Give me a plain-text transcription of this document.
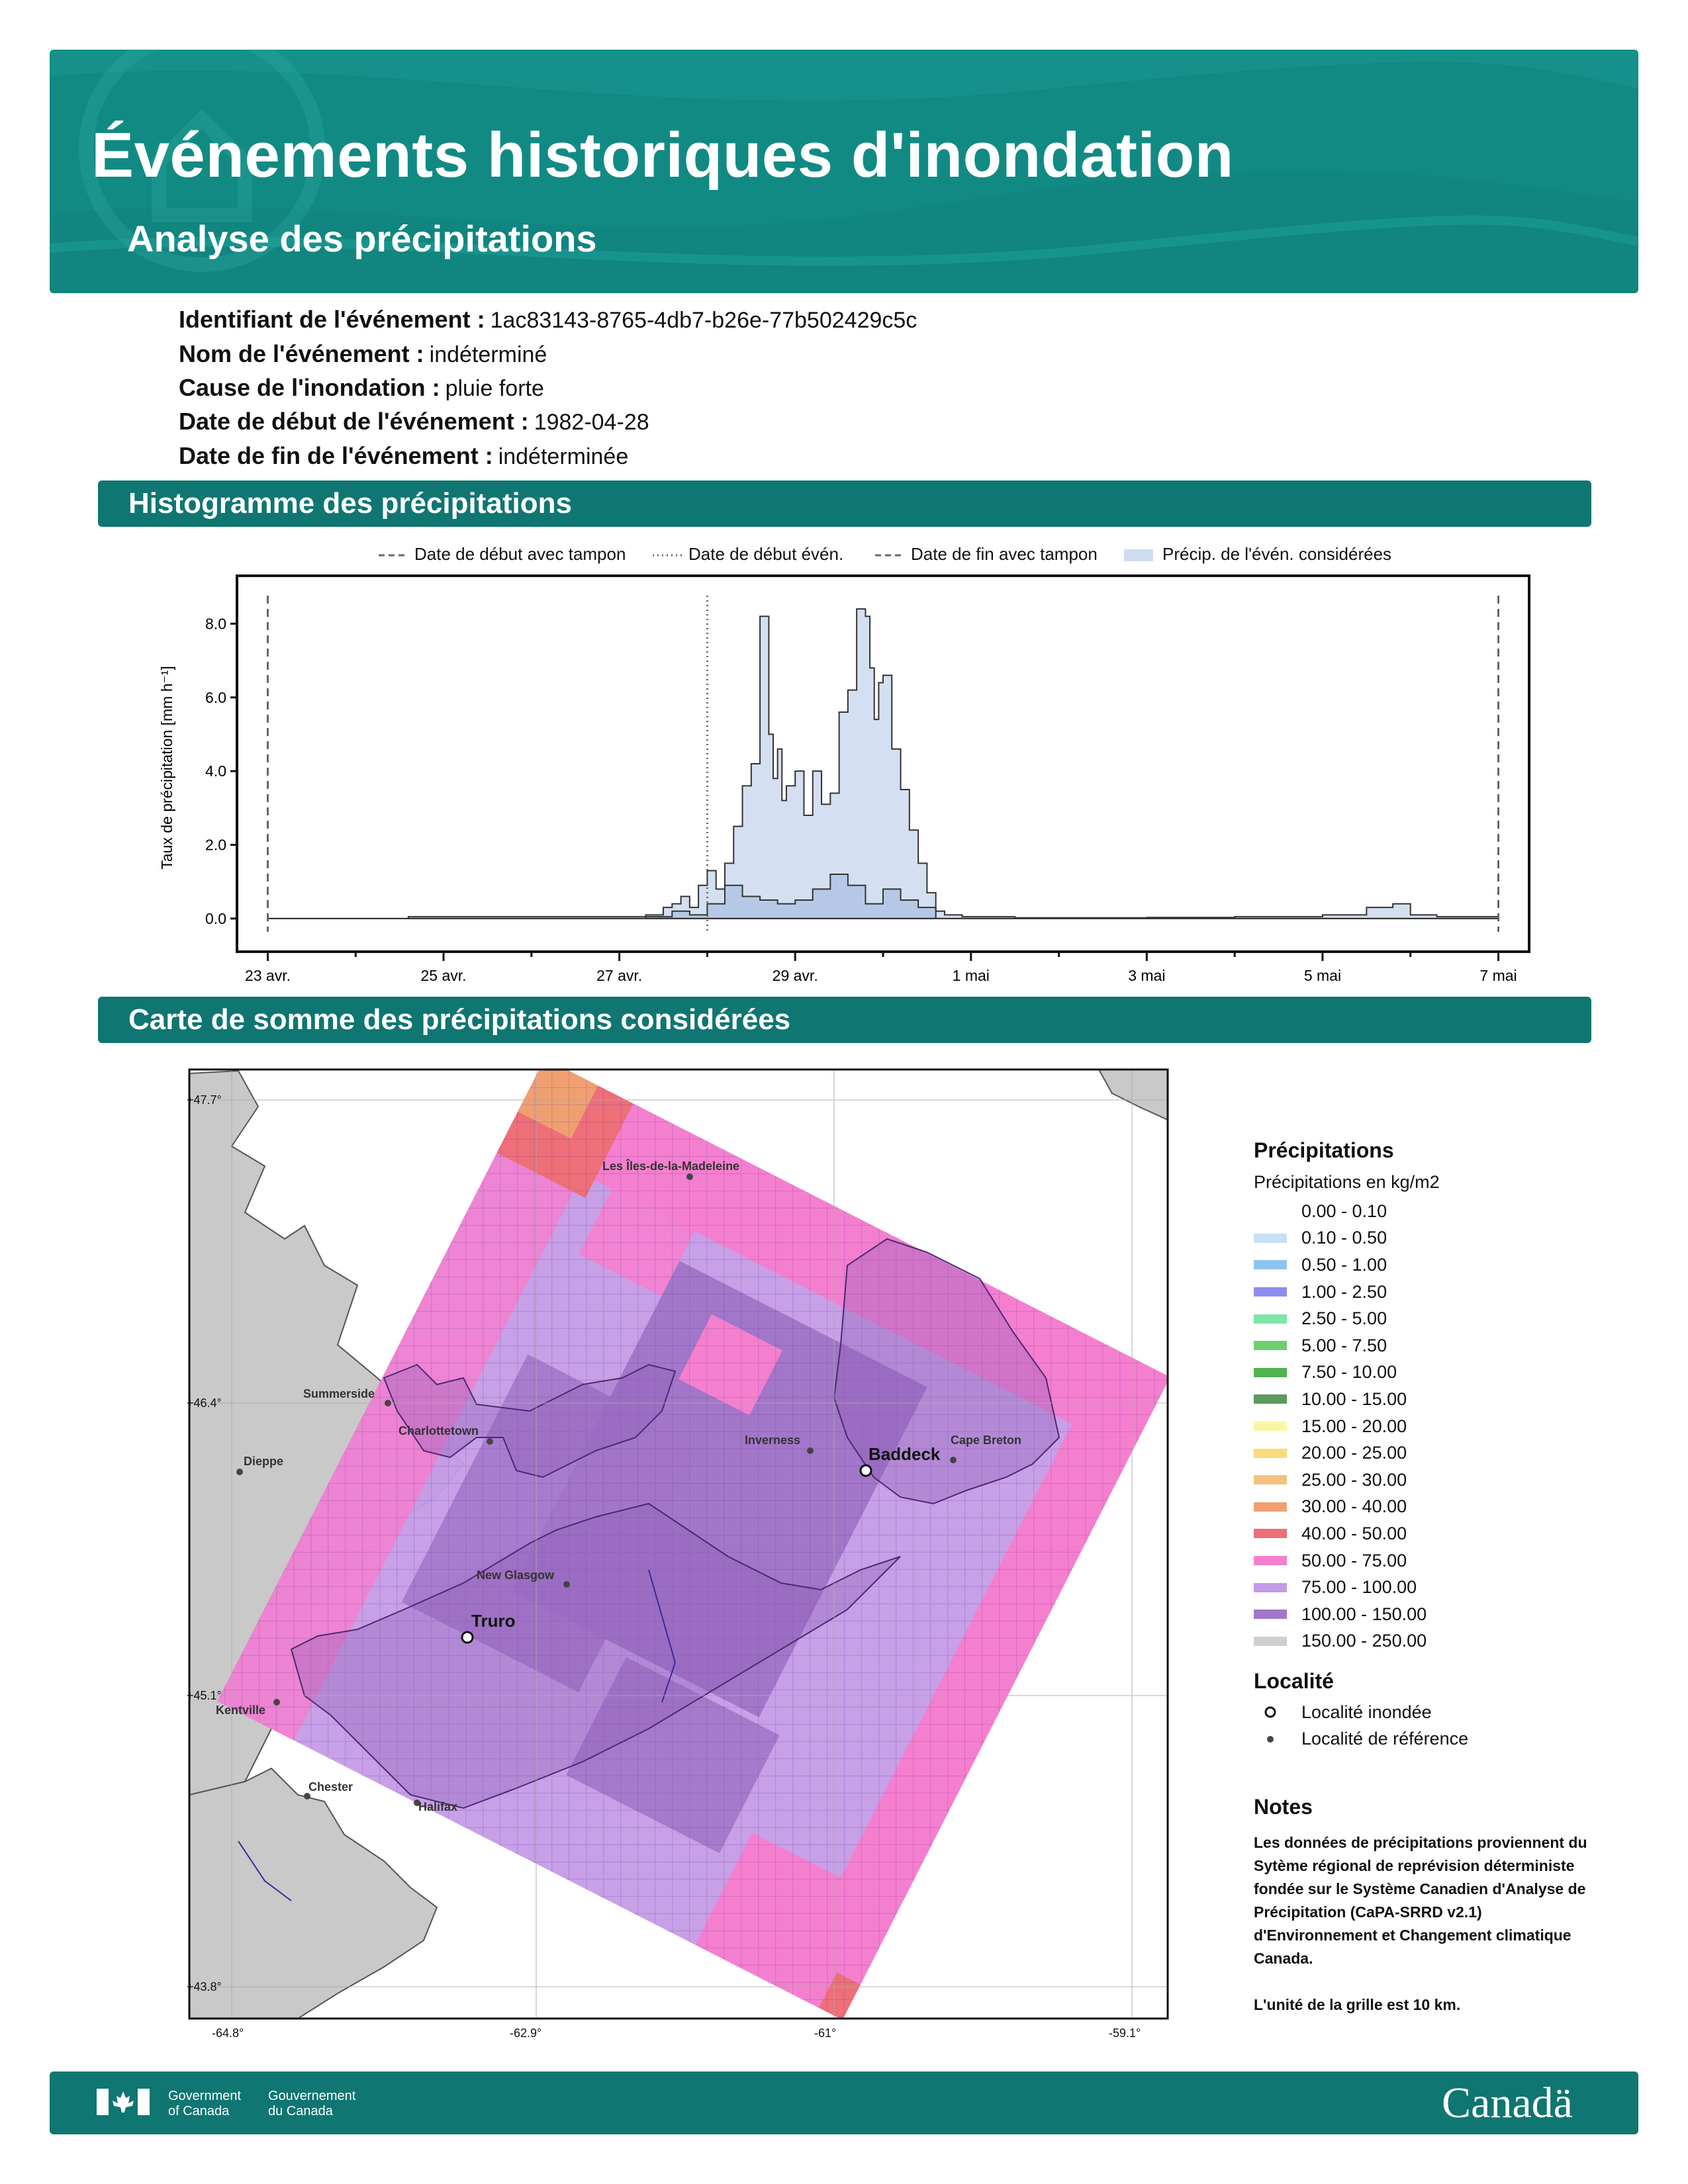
Événements historiques d'inondation
Analyse des précipitations
Identifiant de l'événement : 1ac83143-8765-4db7-b26e-77b502429c5c
Nom de l'événement : indéterminé
Cause de l'inondation : pluie forte
Date de début de l'événement : 1982-04-28
Date de fin de l'événement : indéterminée
Histogramme des précipitations
Date de début avec tampon	Date de début évén.	Date de fin avec tampon	Précip. de l'évén. considérées
0.0
2.0
4.0
6.0
8.0
23 avr.	25 avr.	27 avr.	29 avr.	1 mai	3 mai	5 mai	7 mai
Taux de précipitation [mm h⁻¹]
Carte de somme des précipitations considérées
Les Îles-de-la-Madeleine
Summerside
Charlottetown
Dieppe
Inverness	Cape Breton
Baddeck
New Glasgow
Truro
Kentville
Chester
Halifax
+47.7°
+46.4°
+45.1°
+43.8°
-64.8°	-62.9°	-61°	-59.1°
Précipitations
Précipitations en kg/m2
0.00 - 0.10
0.10 - 0.50
0.50 - 1.00
1.00 - 2.50
2.50 - 5.00
5.00 - 7.50
7.50 - 10.00
10.00 - 15.00
15.00 - 20.00
20.00 - 25.00
25.00 - 30.00
30.00 - 40.00
40.00 - 50.00
50.00 - 75.00
75.00 - 100.00
100.00 - 150.00
150.00 - 250.00
Localité
Localité inondée
Localité de référence
Notes
Les données de précipitations proviennent du Sytème régional de reprévision déterministe fondée sur le Système Canadien d'Analyse de Précipitation (CaPA-SRRD v2.1) d'Environnement et Changement climatique Canada.
L'unité de la grille est 10 km.
Government
of Canada
Gouvernement
du Canada	Canadä
